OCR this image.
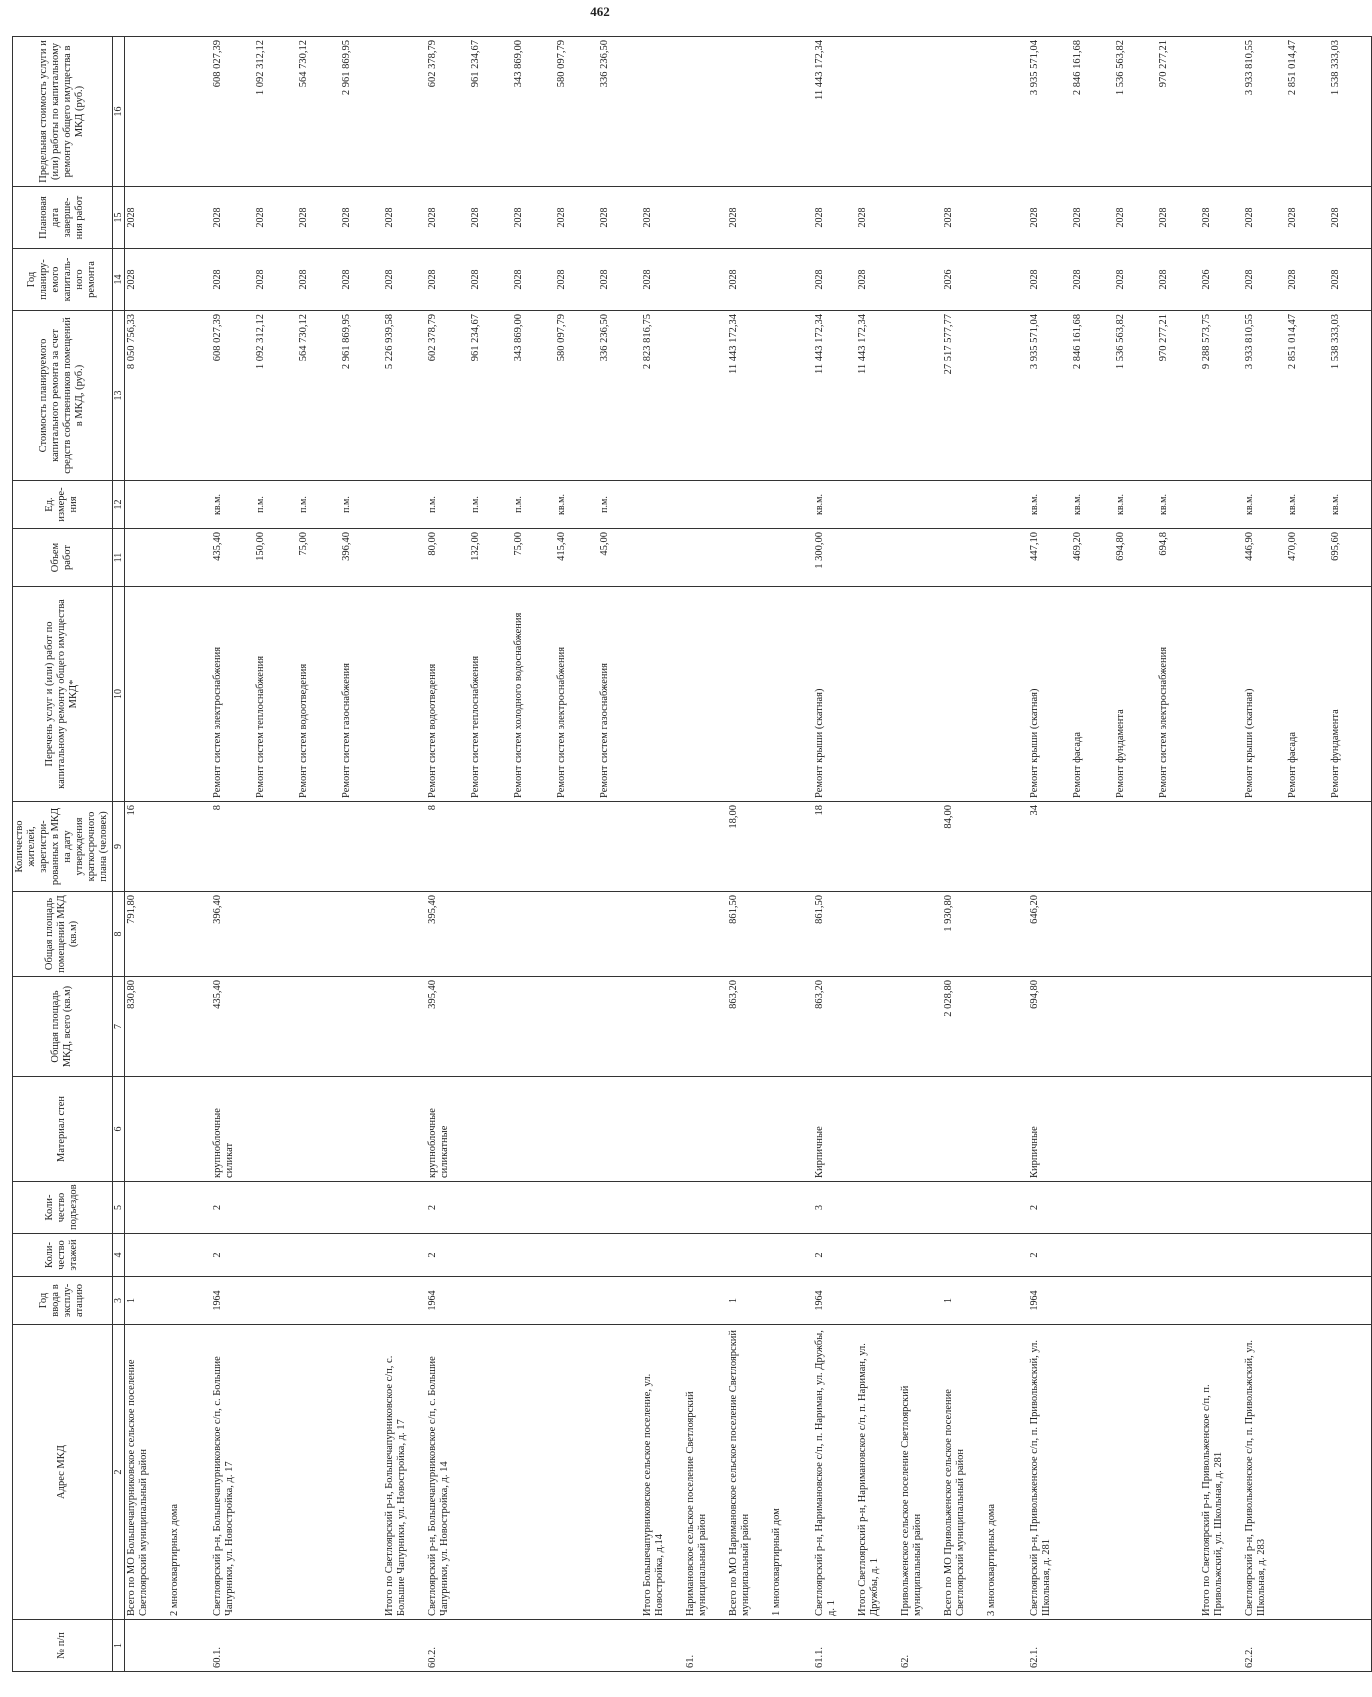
462
№ п/п	Адрес МКД	Год ввода в эксплу-атацию	Коли-чество этажей	Коли-чество подъездов	Материал стен	Общая площадь МКД, всего (кв.м)	Общая площадь помещений МКД (кв.м)	Количество жителей, зарегистри-рованных в МКД на дату утверждения краткосрочного плана (человек)	Перечень услуг и (или) работ по капитальному ремонту общего имущества МКД*	Объем работ	Ед. измере-ния	Стоимость планируемого капитального ремонта за счет средств собственников помещений в МКД, (руб.)	Год планиру-емого капиталь-ного ремонта	Плановая дата заверше-ния работ	Предельная стоимость услуги и (или) работы по капитальному ремонту общего имущества в МКД (руб.)
1	2	3	4	5	6	7	8	9	10	11	12	13	14	15	16
	Всего по МО Большечапурниковское сельское поселение Светлоярский муниципальный район	1				830,80	791,80	16				8 050 756,33	2028	2028	
	2 многоквартирных дома														
60.1.	Светлоярский р-н, Большечапурниковское с/п, с. Большие Чапурники, ул. Новостройка, д. 17	1964	2	2	крупноблочные силикат	435,40	396,40	8	Ремонт систем электроснабжения	435,40	кв.м.	608 027,39	2028	2028	608 027,39
									Ремонт систем теплоснабжения	150,00	п.м.	1 092 312,12	2028	2028	1 092 312,12
									Ремонт систем водоотведения	75,00	п.м.	564 730,12	2028	2028	564 730,12
									Ремонт систем газоснабжения	396,40	п.м.	2 961 869,95	2028	2028	2 961 869,95
	Итого по Светлоярский р-н, Большечапурниковское с/п, с. Большие Чапурники, ул. Новостройка, д. 17											5 226 939,58	2028	2028	
60.2.	Светлоярский р-н, Большечапурниковское с/п, с. Большие Чапурники, ул. Новостройка, д. 14	1964	2	2	крупноблочные силикатные	395,40	395,40	8	Ремонт систем водоотведения	80,00	п.м.	602 378,79	2028	2028	602 378,79
									Ремонт систем теплоснабжения	132,00	п.м.	961 234,67	2028	2028	961 234,67
									Ремонт систем холодного водоснабжения	75,00	п.м.	343 869,00	2028	2028	343 869,00
									Ремонт систем электроснабжения	415,40	кв.м.	580 097,79	2028	2028	580 097,79
									Ремонт систем газоснабжения	45,00	п.м.	336 236,50	2028	2028	336 236,50
	Итого Большечапурниковское сельское поселение, ул. Новостройка, д.14											2 823 816,75	2028	2028	
61.	Наримановское сельское поселение Светлоярский муниципальный район														
	Всего по МО Наримановское сельское поселение Светлоярский муниципальный район	1				863,20	861,50	18,00				11 443 172,34	2028	2028	
	1 многоквартирный дом														
61.1.	Светлоярский р-н, Наримановское с/п, п. Нариман, ул. Дружбы, д. 1	1964	2	3	Кирпичные	863,20	861,50	18	Ремонт крыши (скатная)	1 300,00	кв.м.	11 443 172,34	2028	2028	11 443 172,34
	Итого Светлоярский р-н, Наримановское с/п, п. Нариман, ул. Дружбы, д. 1											11 443 172,34	2028	2028	
62.	Привольженское сельское поселение Светлоярский муниципальный район														
	Всего по МО Привольженское сельское поселение Светлоярский муниципальный район	1				2 028,80	1 930,80	84,00				27 517 577,77	2026	2028	
	3 многоквартирных дома														
62.1.	Светлоярский р-н, Привольженское с/п, п. Привольжский, ул. Школьная, д. 281	1964	2	2	Кирпичные	694,80	646,20	34	Ремонт крыши (скатная)	447,10	кв.м.	3 935 571,04	2028	2028	3 935 571,04
									Ремонт фасада	469,20	кв.м.	2 846 161,68	2028	2028	2 846 161,68
									Ремонт фундамента	694,80	кв.м.	1 536 563,82	2028	2028	1 536 563,82
									Ремонт систем электроснабжения	694,8	кв.м.	970 277,21	2028	2028	970 277,21
	Итого по Светлоярский р-н, Привольженское с/п, п. Привольжский, ул. Школьная, д. 281											9 288 573,75	2026	2028	
62.2.	Светлоярский р-н, Привольженское с/п, п. Привольжский, ул. Школьная, д. 283								Ремонт крыши (скатная)	446,90	кв.м.	3 933 810,55	2028	2028	3 933 810,55
									Ремонт фасада	470,00	кв.м.	2 851 014,47	2028	2028	2 851 014,47
									Ремонт фундамента	695,60	кв.м.	1 538 333,03	2028	2028	1 538 333,03
